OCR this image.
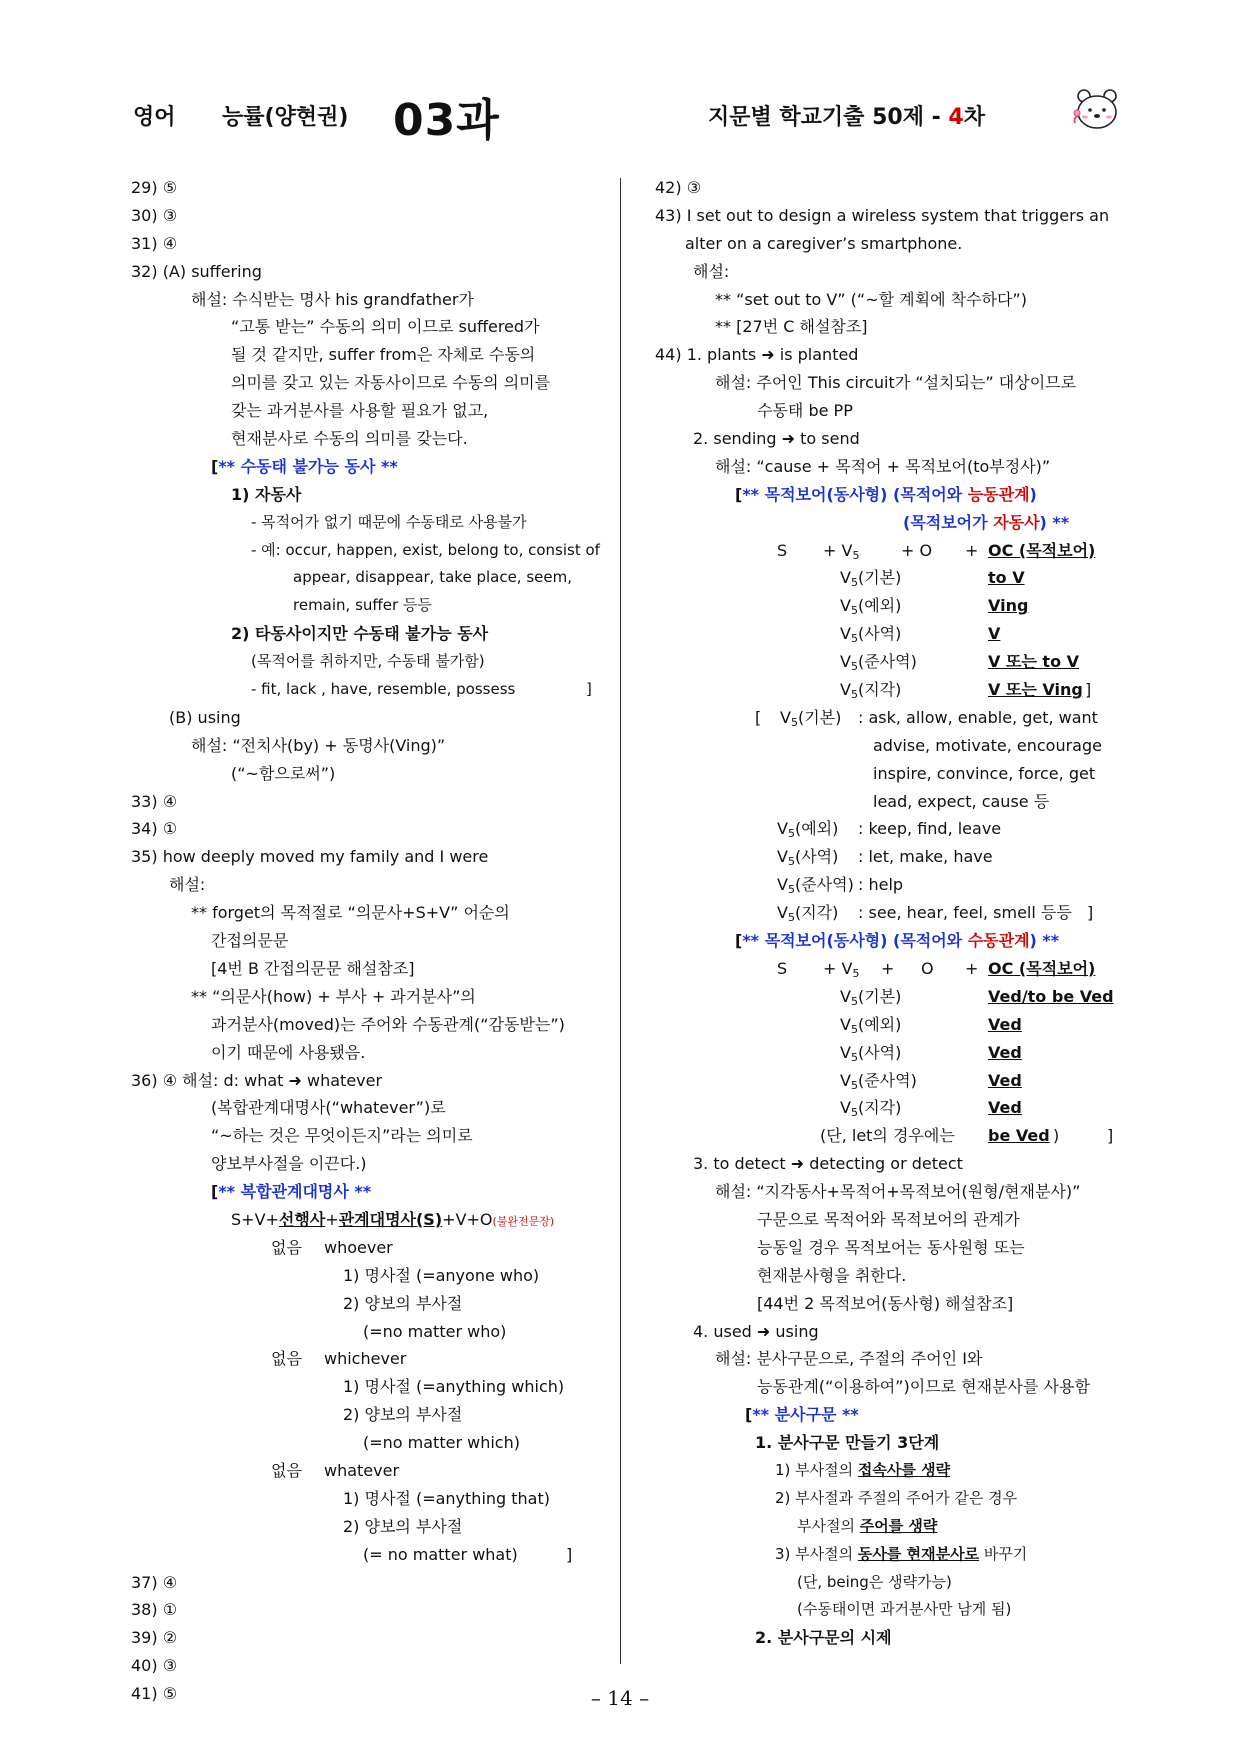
영어 능률(양현권) 03과	지문별 학교기출 50제 - 4차
29) ⑤
30) ③
31) ④
32) (A) suffering
해설: 수식받는 명사 his grandfather가
“고통 받는” 수동의 의미 이므로 suffered가
될 것 같지만, suffer from은 자체로 수동의
의미를 갖고 있는 자동사이므로 수동의 의미를
갖는 과거분사를 사용할 필요가 없고,
현재분사로 수동의 의미를 갖는다.
[** 수동태 불가능 동사 **
1) 자동사
- 목적어가 없기 때문에 수동태로 사용불가
- 예: occur, happen, exist, belong to, consist of
appear, disappear, take place, seem,
remain, suffer 등등
2) 타동사이지만 수동태 불가능 동사
(목적어를 취하지만, 수동태 불가함)
- fit, lack , have, resemble, possess	]
(B) using
해설: “전치사(by) + 동명사(Ving)”
(“~함으로써”)
33) ④
34) ①
35) how deeply moved my family and I were
해설:
** forget의 목적절로 “의문사+S+V” 어순의
간접의문문
[4번 B 간접의문문 해설참조]
** “의문사(how) + 부사 + 과거분사”의
과거분사(moved)는 주어와 수동관계(“감동받는”)
이기 때문에 사용됐음.
36) ④ 해설: d: what ➜ whatever
(복합관계대명사(“whatever”)로
“~하는 것은 무엇이든지”라는 의미로
양보부사절을 이끈다.)
[** 복합관계대명사 **
S+V+선행사+관계대명사(S)+V+O(불완전문장)
없음 whoever
1) 명사절 (=anyone who)
2) 양보의 부사절
(=no matter who)
없음 whichever
1) 명사절 (=anything which)
2) 양보의 부사절
(=no matter which)
없음 whatever
1) 명사절 (=anything that)
2) 양보의 부사절
(= no matter what)	]
37) ④
38) ①
39) ②
40) ③
41) ⑤
42) ③
43) I set out to design a wireless system that triggers an
alter on a caregiver’s smartphone.
해설:
** “set out to V” (“~할 계획에 착수하다”)
** [27번 C 해설참조]
44) 1. plants ➜ is planted
해설: 주어인 This circuit가 “설치되는” 대상이므로
수동태 be PP
2. sending ➜ to send
해설: “cause + 목적어 + 목적보어(to부정사)”
[** 목적보어(동사형) (목적어와 능동관계)
(목적보어가 자동사) **
$S + V_5$	+ O + OC (목적보어)
$V_5$(기본)	to V
$V_5$(예외)	Ving
$V_5$(사역)	V
$V_5$(준사역)	V 또는 to V
$V_5$(지각)	V 또는 Ving ]
[ $V_5$(기본) : ask, allow, enable, get, want
advise, motivate, encourage
inspire, convince, force, get
lead, expect, cause 등
$V_5$(예외) : keep, find, leave
$V_5$(사역) : let, make, have
$V_5$(준사역) : help
$V_5$(지각) : see, hear, feel, smell 등등 ]
[** 목적보어(동사형) (목적어와 수동관계) **
$S + V_5 + O$ + OC (목적보어)
$V_5$(기본)	Ved/to be Ved
$V_5$(예외)	Ved
$V_5$(사역)	Ved
$V_5$(준사역)	Ved
$V_5$(지각)	Ved
(단, let의 경우에는 be Ved )	]
3. to detect ➜ detecting or detect
해설: “지각동사+목적어+목적보어(원형/현재분사)”
구문으로 목적어와 목적보어의 관계가
능동일 경우 목적보어는 동사원형 또는
현재분사형을 취한다.
[44번 2 목적보어(동사형) 해설참조]
4. used ➜ using
해설: 분사구문으로, 주절의 주어인 I와
능동관계(“이용하여”)이므로 현재분사를 사용함
[** 분사구문 **
1. 분사구문 만들기 3단계
1) 부사절의 접속사를 생략
2) 부사절과 주절의 주어가 같은 경우
부사절의 주어를 생략
3) 부사절의 동사를 현재분사로 바꾸기
(단, being은 생략가능)
(수동태이면 과거분사만 남게 됨)
2. 분사구문의 시제
– 14 –
